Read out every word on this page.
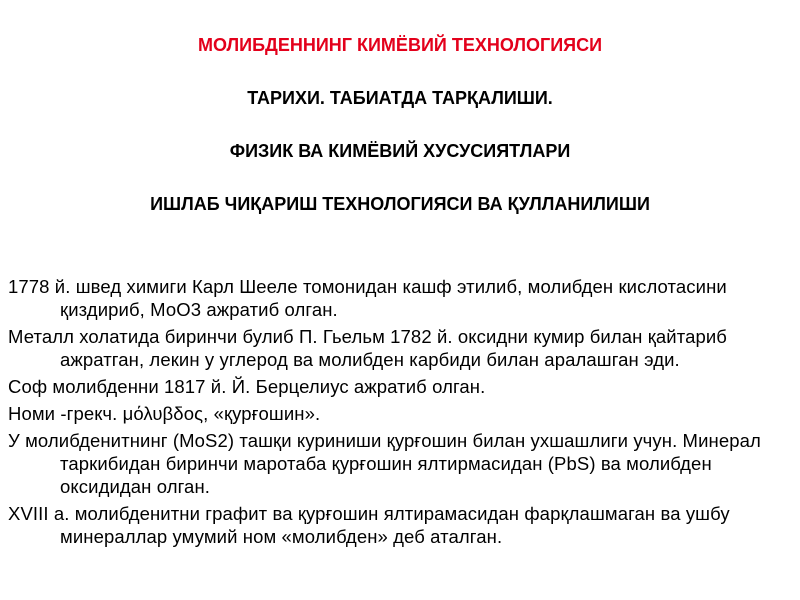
МОЛИБДЕННИНГ КИМЁВИЙ ТЕХНОЛОГИЯСИ

ТАРИХИ. ТАБИАТДА ТАРҚАЛИШИ.

ФИЗИК ВА КИМЁВИЙ ХУСУСИЯТЛАРИ

ИШЛАБ ЧИҚАРИШ ТЕХНОЛОГИЯСИ ВА ҚУЛЛАНИЛИШИ

1778 й. швед химиги Карл Шееле томонидан кашф этилиб, молибден кислотасини қиздириб, МоО3 ажратиб олган.

Металл холатида биринчи булиб П. Гьельм 1782 й. оксидни кумир билан қайтариб ажратган, лекин у углерод ва молибден карбиди билан аралашган эди.

Соф молибденни 1817 й. Й. Берцелиус ажратиб олган.

Номи -грекч. μόλυβδος, «қурғошин».

У молибденитнинг (MoS2) ташқи куриниши қурғошин билан ухшашлиги учун. Минерал таркибидан биринчи маротаба қурғошин ялтирмасидан (PbS) ва молибден оксидидан олган.

XVIII а. молибденитни графит ва қурғошин ялтирамасидан фарқлашмаган ва ушбу минераллар умумий ном «молибден» деб аталган.
